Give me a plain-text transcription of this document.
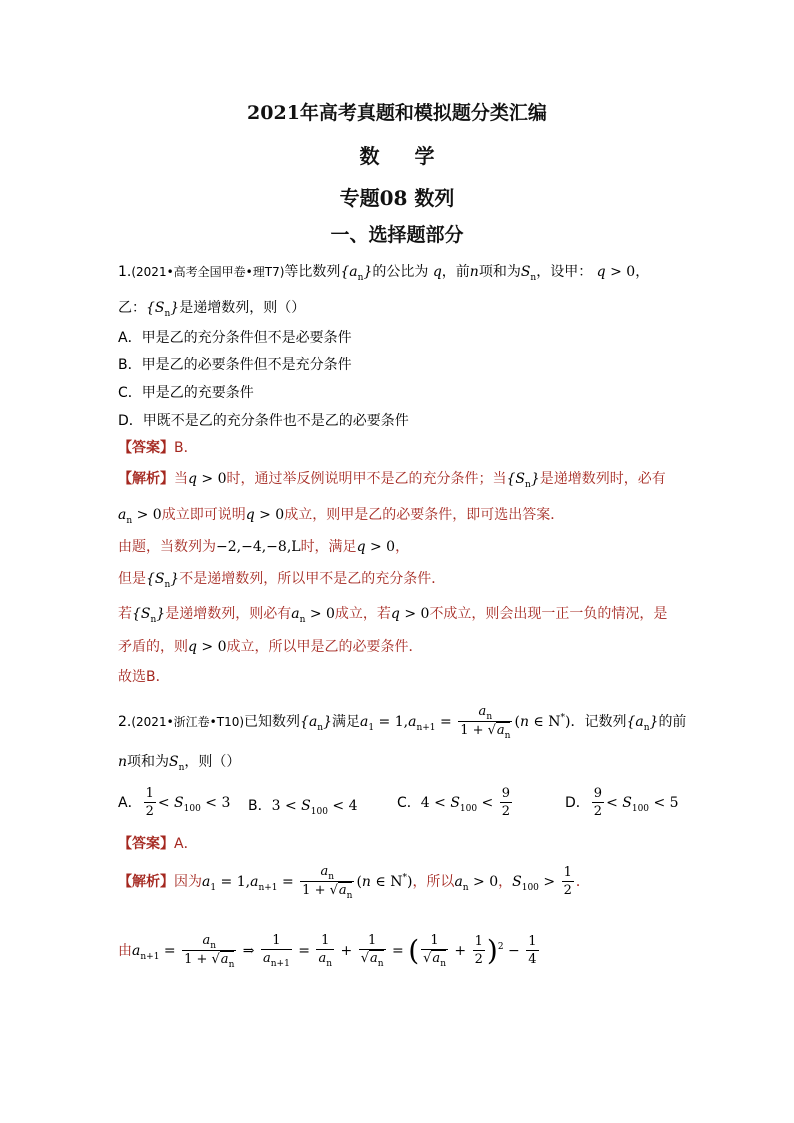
2021年高考真题和模拟题分类汇编
数 学
专题08 数列
一、选择题部分
1.(2021•高考全国甲卷•理T7)等比数列$\{a_n\}$的公比为 q，前n项和为$S_n$，设甲： q > 0，
乙：$\{S_n\}$是递增数列，则（）
A．甲是乙的充分条件但不是必要条件
B．甲是乙的必要条件但不是充分条件
C．甲是乙的充要条件
D．甲既不是乙的充分条件也不是乙的必要条件
【答案】B．
【解析】当q > 0时，通过举反例说明甲不是乙的充分条件；当$\{S_n\}$是递增数列时，必有
$a_n > 0$成立即可说明q > 0成立，则甲是乙的必要条件，即可选出答案．
由题，当数列为−2,−4,−8,L时，满足q > 0，
但是$\{S_n\}$不是递增数列，所以甲不是乙的充分条件．
若$\{S_n\}$是递增数列，则必有$a_n > 0$成立，若q > 0不成立，则会出现一正一负的情况，是
矛盾的，则q > 0成立，所以甲是乙的必要条件．
故选B．
2.(2021•浙江卷•T10)已知数列$\{a_n\}$满足$a_1 = 1,a_{n+1} = \frac{a_n}{1 + √a_n} (n$ ∈ N*)．记数列$\{a_n\}$的前
n项和为$S_n$，则（）
A． $\frac{1}{2} < S_{100} < 3$ B．$3 < S_{100} < 4$	C．$4 < S_{100} < \frac{9}{2}$	D． $\frac{9}{2} < S_{100} < 5$
【答案】A．
【解析】因为$a_1 = 1,a_{n+1} = \frac{a_n}{1 + √a_n} (n$ ∈ N*)，所以$a_n > 0$，$S_{100} > \frac{1}{2}$ ．
由$a_{n+1} = \frac{a_n}{1 + √a_n}$ ⇒ $\frac{1}{a_{n+1}} = \frac{1}{a_n} + \frac{1}{√a_n}$ = ( $\frac{1}{√a_n} + \frac{1}{2} )^2 - \frac{1}{4}$
